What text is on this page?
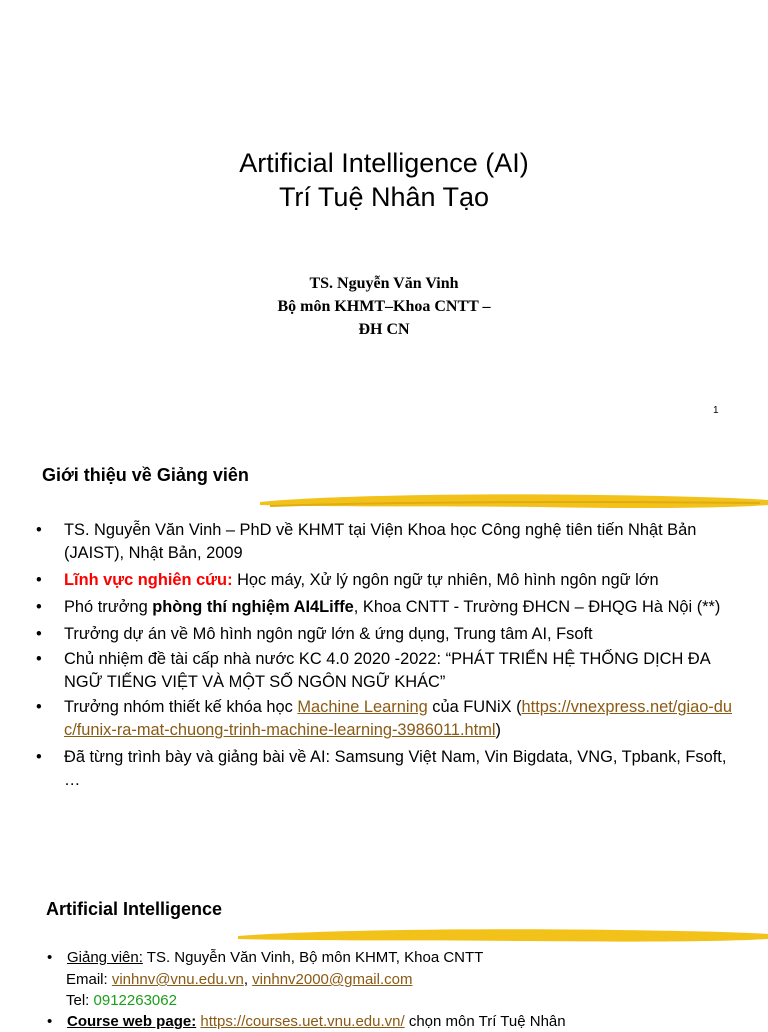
Artificial Intelligence (AI)
Trí Tuệ Nhân Tạo
TS. Nguyễn Văn Vinh
Bộ môn KHMT–Khoa CNTT –
ĐH CN
1
Giới thiệu về Giảng viên
• TS. Nguyễn Văn Vinh – PhD về KHMT tại Viện Khoa học Công nghệ tiên tiến Nhật Bản (JAIST), Nhật Bản, 2009
• Lĩnh vực nghiên cứu: Học máy, Xử lý ngôn ngữ tự nhiên, Mô hình ngôn ngữ lớn
• Phó trưởng phòng thí nghiệm AI4Liffe, Khoa CNTT - Trường ĐHCN – ĐHQG Hà Nội (**)
• Trưởng dự án về Mô hình ngôn ngữ lớn & ứng dụng, Trung tâm AI, Fsoft
• Chủ nhiệm đề tài cấp nhà nước KC 4.0 2020 -2022: “PHÁT TRIỂN HỆ THỐNG DỊCH ĐA NGỮ TIẾNG VIỆT VÀ MỘT SỐ NGÔN NGỮ KHÁC”
• Trưởng nhóm thiết kế khóa học Machine Learning của FUNiX (https://vnexpress.net/giao-duc/funix-ra-mat-chuong-trinh-machine-learning-3986011.html)
• Đã từng trình bày và giảng bài về AI: Samsung Việt Nam, Vin Bigdata, VNG, Tpbank, Fsoft, …
Artificial Intelligence
• Giảng viên: TS. Nguyễn Văn Vinh, Bộ môn KHMT, Khoa CNTT
Email: vinhnv@vnu.edu.vn, vinhnv2000@gmail.com
Tel: 0912263062
• Course web page: https://courses.uet.vnu.edu.vn/ chọn môn Trí Tuệ Nhân
